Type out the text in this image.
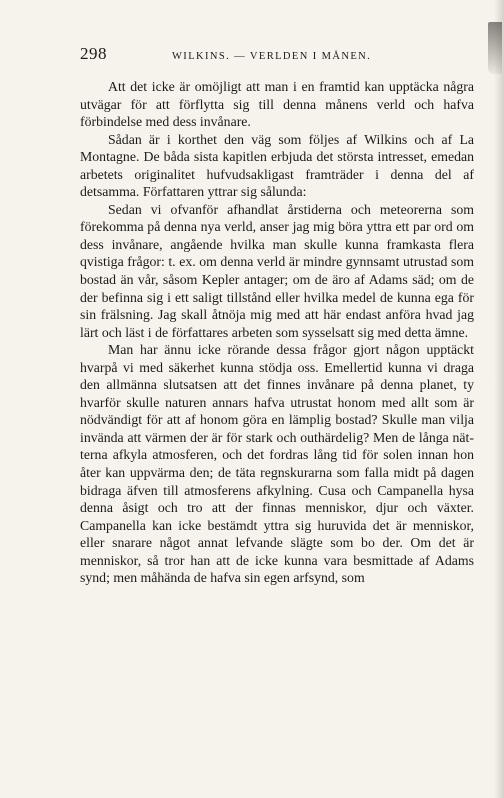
298	WILKINS. — VERLDEN I MÅNEN.

Att det icke är omöjligt att man i en framtid kan upptäcka några utvägar för att förflytta sig till denna månens verld och hafva förbindelse med dess invånare.

Sådan är i korthet den väg som följes af Wilkins och af La Montagne. De båda sista kapitlen erbjuda det största intresset, emedan arbetets originalitet hufvudsakligast framträder i denna del af detsamma. Författaren yttrar sig sålunda:

Sedan vi ofvanför afhandlat årstiderna och meteorerna som förekomma på denna nya verld, anser jag mig böra yttra ett par ord om dess invånare, angående hvilka man skulle kunna framkasta flera qvistiga frågor: t. ex. om denna verld är mindre gynnsamt utrustad som bostad än vår, såsom Kepler antager; om de äro af Adams säd; om de der befinna sig i ett saligt tillstånd eller hvilka medel de kunna ega för sin frälsning. Jag skall åtnöja mig med att här endast anföra hvad jag lärt och läst i de författares arbeten som sysselsatt sig med detta ämne.

Man har ännu icke rörande dessa frågor gjort någon upptäckt hvarpå vi med säkerhet kunna stödja oss. Emellertid kunna vi draga den allmänna slutsatsen att det finnes invånare på denna planet, ty hvarför skulle naturen annars hafva utrustat honom med allt som är nödvändigt för att af honom göra en lämplig bostad? Skulle man vilja invända att värmen der är för stark och outhärdelig? Men de långa nätterna afkyla atmosferen, och det fordras lång tid för solen innan hon åter kan uppvärma den; de täta regnskurarna som falla midt på dagen bidraga äfven till atmosferens afkylning. Cusa och Campanella hysa denna åsigt och tro att der finnas menniskor, djur och växter. Campanella kan icke bestämdt yttra sig huruvida det är menniskor, eller snarare något annat lefvande slägte som bo der. Om det är menniskor, så tror han att de icke kunna vara besmittade af Adams synd; men måhända de hafva sin egen arfsynd, som
